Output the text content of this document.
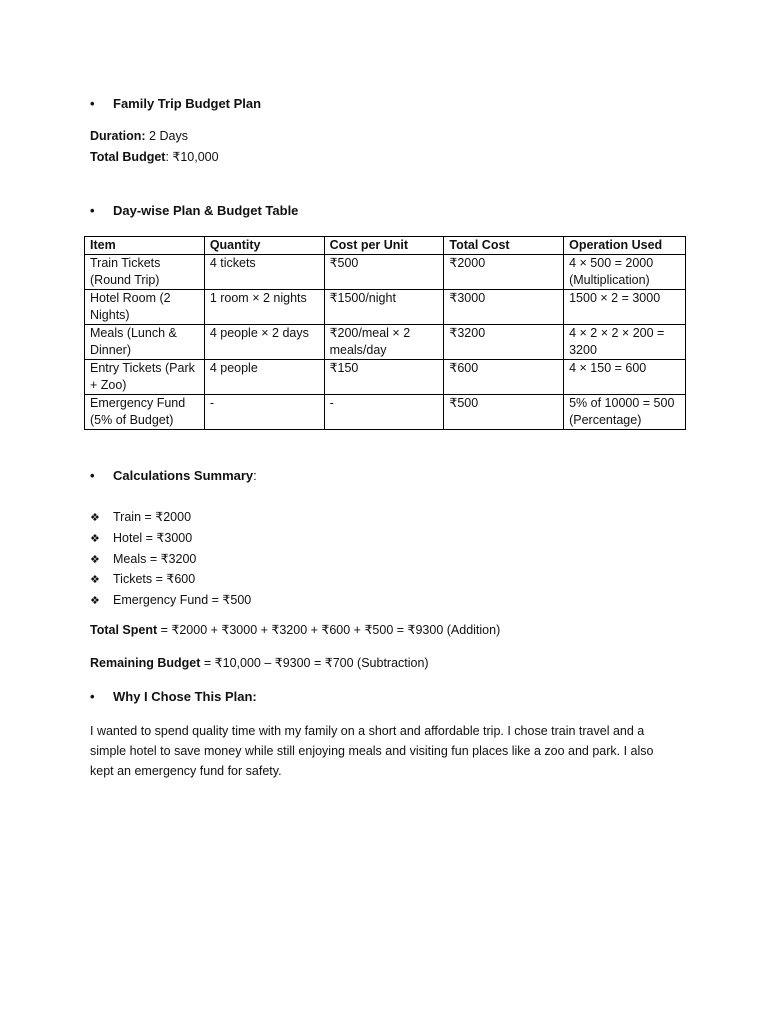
• Family Trip Budget Plan
Duration: 2 Days
Total Budget: ₹10,000
• Day-wise Plan & Budget Table
Item	Quantity	Cost per Unit	Total Cost	Operation Used
Train Tickets (Round Trip)	4 tickets	₹500	₹2000	4 × 500 = 2000 (Multiplication)
Hotel Room (2 Nights)	1 room × 2 nights	₹1500/night	₹3000	1500 × 2 = 3000
Meals (Lunch & Dinner)	4 people × 2 days	₹200/meal × 2 meals/day	₹3200	4 × 2 × 2 × 200 = 3200
Entry Tickets (Park + Zoo)	4 people	₹150	₹600	4 × 150 = 600
Emergency Fund (5% of Budget)	-	-	₹500	5% of 10000 = 500 (Percentage)
• Calculations Summary:
❖ Train = ₹2000
❖ Hotel = ₹3000
❖ Meals = ₹3200
❖ Tickets = ₹600
❖ Emergency Fund = ₹500
Total Spent = ₹2000 + ₹3000 + ₹3200 + ₹600 + ₹500 = ₹9300 (Addition)
Remaining Budget = ₹10,000 – ₹9300 = ₹700 (Subtraction)
• Why I Chose This Plan:
I wanted to spend quality time with my family on a short and affordable trip. I chose train travel and a simple hotel to save money while still enjoying meals and visiting fun places like a zoo and park. I also kept an emergency fund for safety.
